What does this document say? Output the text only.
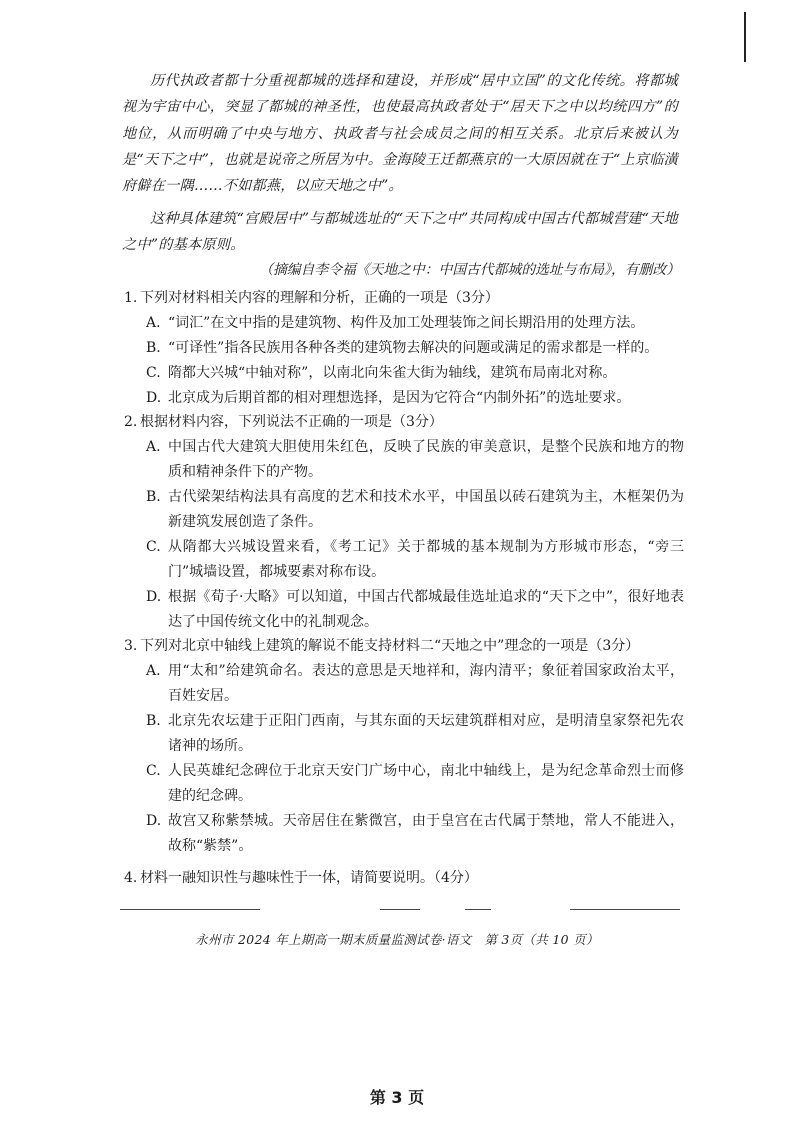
历代执政者都十分重视都城的选择和建设，并形成“居中立国”的文化传统。将都城视为宇宙中心，突显了都城的神圣性，也使最高执政者处于“居天下之中以均统四方”的地位，从而明确了中央与地方、执政者与社会成员之间的相互关系。北京后来被认为是“天下之中”，也就是说帝之所居为中。金海陵王迁都燕京的一大原因就在于“上京临潢府僻在一隅……不如都燕，以应天地之中”。
这种具体建筑“宫殿居中”与都城选址的“天下之中”共同构成中国古代都城营建“天地之中”的基本原则。
（摘编自李令福《天地之中：中国古代都城的选址与布局》，有删改）
1. 下列对材料相关内容的理解和分析，正确的一项是（3分）
A. “词汇”在文中指的是建筑物、构件及加工处理装饰之间长期沿用的处理方法。
B. “可译性”指各民族用各种各类的建筑物去解决的问题或满足的需求都是一样的。
C. 隋都大兴城“中轴对称”，以南北向朱雀大街为轴线，建筑布局南北对称。
D. 北京成为后期首都的相对理想选择，是因为它符合“内制外拓”的选址要求。
2. 根据材料内容，下列说法不正确的一项是（3分）
A. 中国古代大建筑大胆使用朱红色，反映了民族的审美意识，是整个民族和地方的物质和精神条件下的产物。
B. 古代梁架结构法具有高度的艺术和技术水平，中国虽以砖石建筑为主，木框架仍为新建筑发展创造了条件。
C. 从隋都大兴城设置来看，《考工记》关于都城的基本规制为方形城市形态，“旁三门”城墙设置，都城要素对称布设。
D. 根据《荀子·大略》可以知道，中国古代都城最佳选址追求的“天下之中”，很好地表达了中国传统文化中的礼制观念。
3. 下列对北京中轴线上建筑的解说不能支持材料二“天地之中”理念的一项是（3分）
A. 用“太和”给建筑命名。表达的意思是天地祥和，海内清平；象征着国家政治太平，百姓安居。
B. 北京先农坛建于正阳门西南，与其东面的天坛建筑群相对应，是明清皇家祭祀先农诸神的场所。
C. 人民英雄纪念碑位于北京天安门广场中心，南北中轴线上，是为纪念革命烈士而修建的纪念碑。
D. 故宫又称紫禁城。天帝居住在紫微宫，由于皇宫在古代属于禁地，常人不能进入，故称“紫禁”。
4. 材料一融知识性与趣味性于一体，请简要说明。（4分）
永州市 2024 年上期高一期末质量监测试卷·语文　第 3页（共 10 页）
第 3 页
